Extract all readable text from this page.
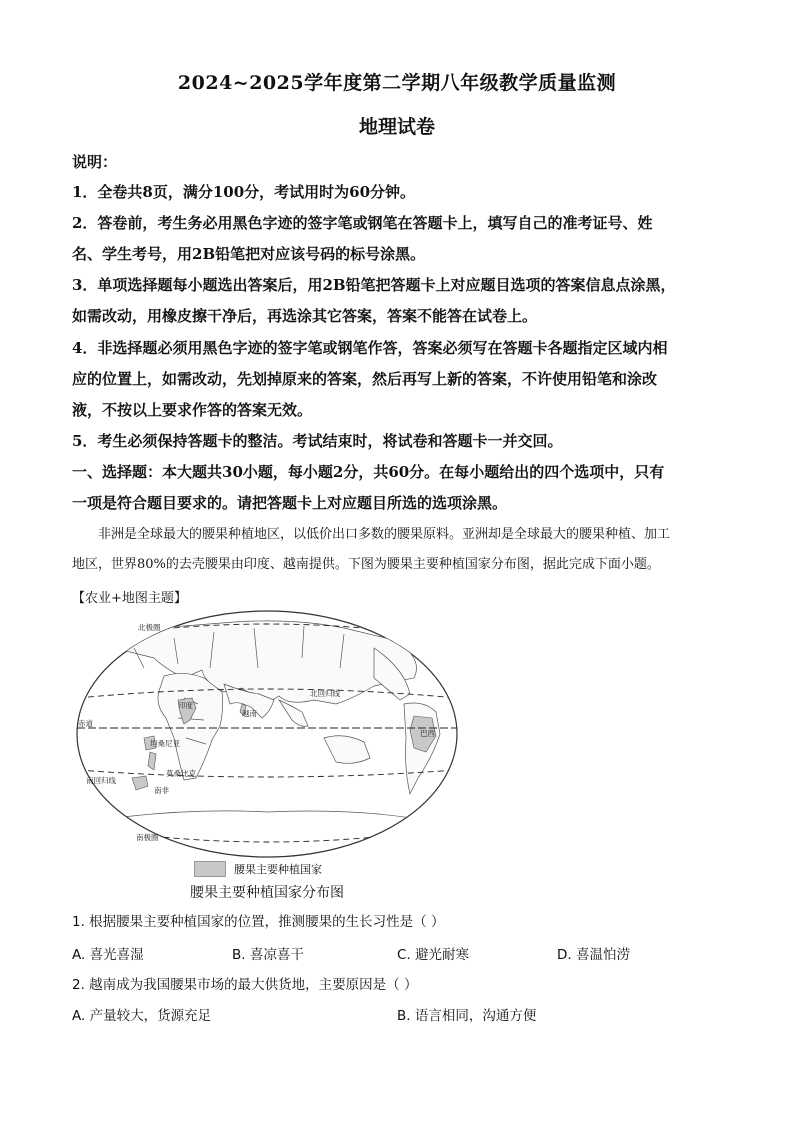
2024~2025学年度第二学期八年级教学质量监测
地理试卷
说明：
1．全卷共8页，满分100分，考试用时为60分钟。
2．答卷前，考生务必用黑色字迹的签字笔或钢笔在答题卡上，填写自己的准考证号、姓
名、学生考号，用2B铅笔把对应该号码的标号涂黑。
3．单项选择题每小题选出答案后，用2B铅笔把答题卡上对应题目选项的答案信息点涂黑，
如需改动，用橡皮擦干净后，再选涂其它答案，答案不能答在试卷上。
4．非选择题必须用黑色字迹的签字笔或钢笔作答，答案必须写在答题卡各题指定区域内相
应的位置上，如需改动，先划掉原来的答案，然后再写上新的答案，不许使用铅笔和涂改
液，不按以上要求作答的答案无效。
5．考生必须保持答题卡的整洁。考试结束时，将试卷和答题卡一并交回。
一、选择题：本大题共30小题，每小题2分，共60分。在每小题给出的四个选项中，只有
一项是符合题目要求的。请把答题卡上对应题目所选的选项涂黑。
非洲是全球最大的腰果种植地区，以低价出口多数的腰果原料。亚洲却是全球最大的腰果种植、加工
地区，世界80%的去壳腰果由印度、越南提供。下图为腰果主要种植国家分布图，据此完成下面小题。
【农业+地图主题】
北极圈
北回归线
赤道
南回归线
南极圈
印度
越南
坦桑尼亚
莫桑比克
南非
巴西
腰果主要种植国家
腰果主要种植国家分布图
1. 根据腰果主要种植国家的位置，推测腰果的生长习性是（ ）
A. 喜光喜湿	B. 喜凉喜干	C. 避光耐寒	D. 喜温怕涝
2. 越南成为我国腰果市场的最大供货地，主要原因是（ ）
A. 产量较大，货源充足	B. 语言相同，沟通方便
